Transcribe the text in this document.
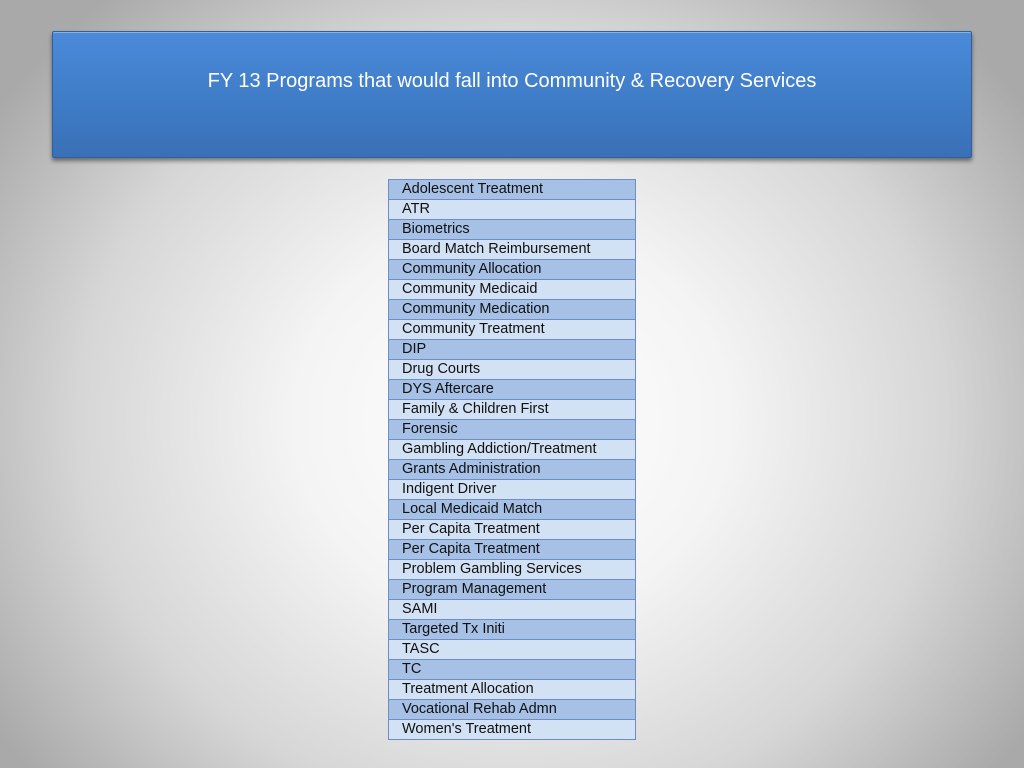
FY 13 Programs that would fall into Community & Recovery Services
Adolescent Treatment
ATR
Biometrics
Board Match Reimbursement
Community Allocation
Community Medicaid
Community Medication
Community Treatment
DIP
Drug Courts
DYS Aftercare
Family & Children First
Forensic
Gambling Addiction/Treatment
Grants Administration
Indigent Driver
Local Medicaid Match
Per Capita Treatment
Per Capita Treatment
Problem Gambling Services
Program Management
SAMI
Targeted Tx Initi
TASC
TC
Treatment Allocation
Vocational Rehab Admn
Women's Treatment
